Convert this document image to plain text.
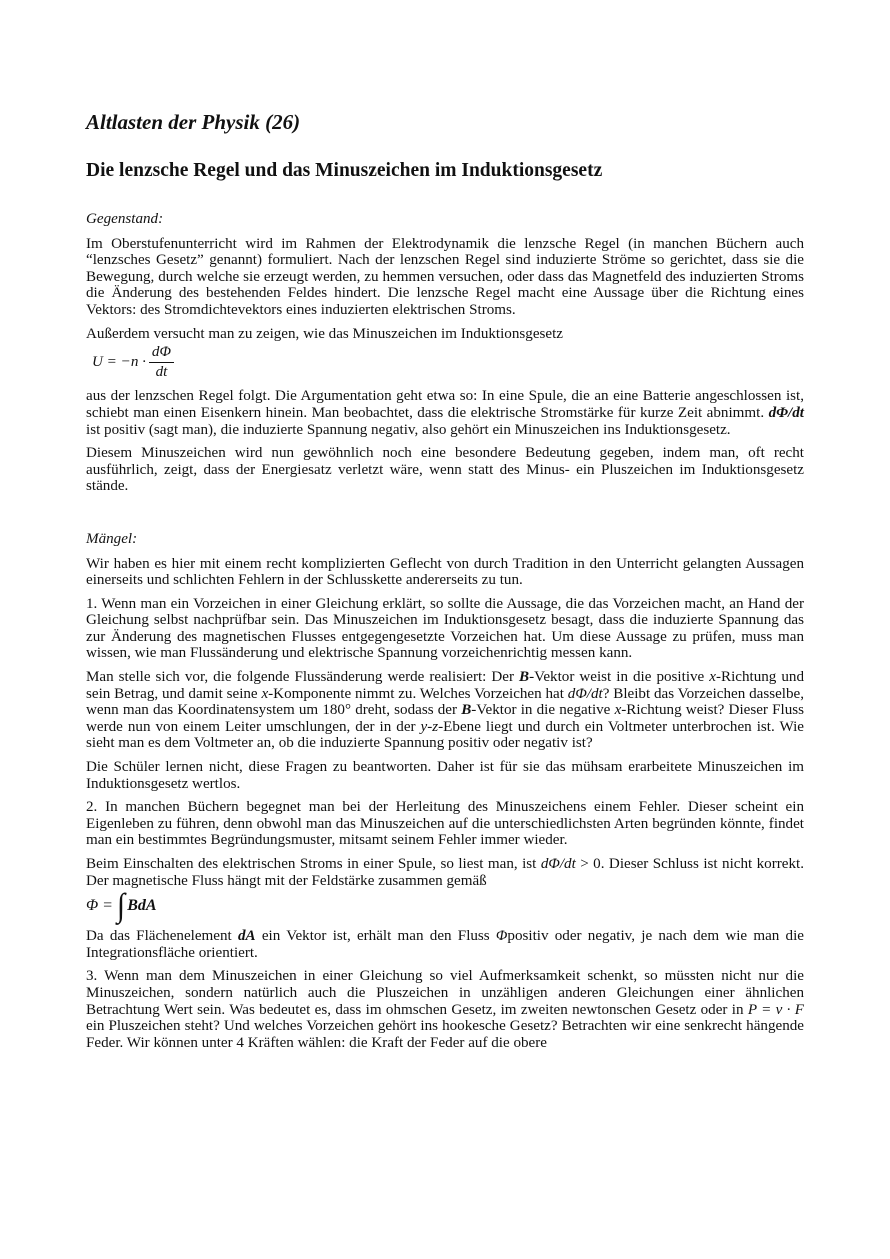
Altlasten der Physik (26)
Die lenzsche Regel und das Minuszeichen im Induktionsgesetz

Gegenstand:

Im Oberstufenunterricht wird im Rahmen der Elektrodynamik die lenzsche Regel (in manchen Büchern auch “lenzsches Gesetz” genannt) formuliert. Nach der lenzschen Regel sind induzierte Ströme so gerichtet, dass sie die Bewegung, durch welche sie erzeugt werden, zu hemmen versuchen, oder dass das Magnetfeld des induzierten Stroms die Änderung des bestehenden Feldes hindert. Die lenzsche Regel macht eine Aussage über die Richtung eines Vektors: des Stromdichtevektors eines induzierten elektrischen Stroms.

Außerdem versucht man zu zeigen, wie das Minuszeichen im Induktionsgesetz

$U = -n \cdot \frac{d\Phi}{dt}$

aus der lenzschen Regel folgt. Die Argumentation geht etwa so: In eine Spule, die an eine Batterie angeschlossen ist, schiebt man einen Eisenkern hinein. Man beobachtet, dass die elektrische Stromstärke für kurze Zeit abnimmt. dΦ/dt ist positiv (sagt man), die induzierte Spannung negativ, also gehört ein Minuszeichen ins Induktionsgesetz.

Diesem Minuszeichen wird nun gewöhnlich noch eine besondere Bedeutung gegeben, indem man, oft recht ausführlich, zeigt, dass der Energiesatz verletzt wäre, wenn statt des Minus- ein Pluszeichen im Induktionsgesetz stände.

Mängel:

Wir haben es hier mit einem recht komplizierten Geflecht von durch Tradition in den Unterricht gelangten Aussagen einerseits und schlichten Fehlern in der Schlusskette andererseits zu tun.

1. Wenn man ein Vorzeichen in einer Gleichung erklärt, so sollte die Aussage, die das Vorzeichen macht, an Hand der Gleichung selbst nachprüfbar sein. Das Minuszeichen im Induktionsgesetz besagt, dass die induzierte Spannung das zur Änderung des magnetischen Flusses entgegengesetzte Vorzeichen hat. Um diese Aussage zu prüfen, muss man wissen, wie man Flussänderung und elektrische Spannung vorzeichenrichtig messen kann.

Man stelle sich vor, die folgende Flussänderung werde realisiert: Der B-Vektor weist in die positive x-Richtung und sein Betrag, und damit seine x-Komponente nimmt zu. Welches Vorzeichen hat dΦ/dt? Bleibt das Vorzeichen dasselbe, wenn man das Koordinatensystem um 180° dreht, sodass der B-Vektor in die negative x-Richtung weist? Dieser Fluss werde nun von einem Leiter umschlungen, der in der y-z-Ebene liegt und durch ein Voltmeter unterbrochen ist. Wie sieht man es dem Voltmeter an, ob die induzierte Spannung positiv oder negativ ist?

Die Schüler lernen nicht, diese Fragen zu beantworten. Daher ist für sie das mühsam erarbeitete Minuszeichen im Induktionsgesetz wertlos.

2. In manchen Büchern begegnet man bei der Herleitung des Minuszeichens einem Fehler. Dieser scheint ein Eigenleben zu führen, denn obwohl man das Minuszeichen auf die unterschiedlichsten Arten begründen könnte, findet man ein bestimmtes Begründungsmuster, mitsamt seinem Fehler immer wieder.

Beim Einschalten des elektrischen Stroms in einer Spule, so liest man, ist dΦ/dt > 0. Dieser Schluss ist nicht korrekt. Der magnetische Fluss hängt mit der Feldstärke zusammen gemäß

Φ = ∫ BdA

Da das Flächenelement dA ein Vektor ist, erhält man den Fluss Φpositiv oder negativ, je nach dem wie man die Integrationsfläche orientiert.

3. Wenn man dem Minuszeichen in einer Gleichung so viel Aufmerksamkeit schenkt, so müssten nicht nur die Minuszeichen, sondern natürlich auch die Pluszeichen in unzähligen anderen Gleichungen einer ähnlichen Betrachtung Wert sein. Was bedeutet es, dass im ohmschen Gesetz, im zweiten newtonschen Gesetz oder in P = v · F ein Pluszeichen steht? Und welches Vorzeichen gehört ins hookesche Gesetz? Betrachten wir eine senkrecht hängende Feder. Wir können unter 4 Kräften wählen: die Kraft der Feder auf die obere
